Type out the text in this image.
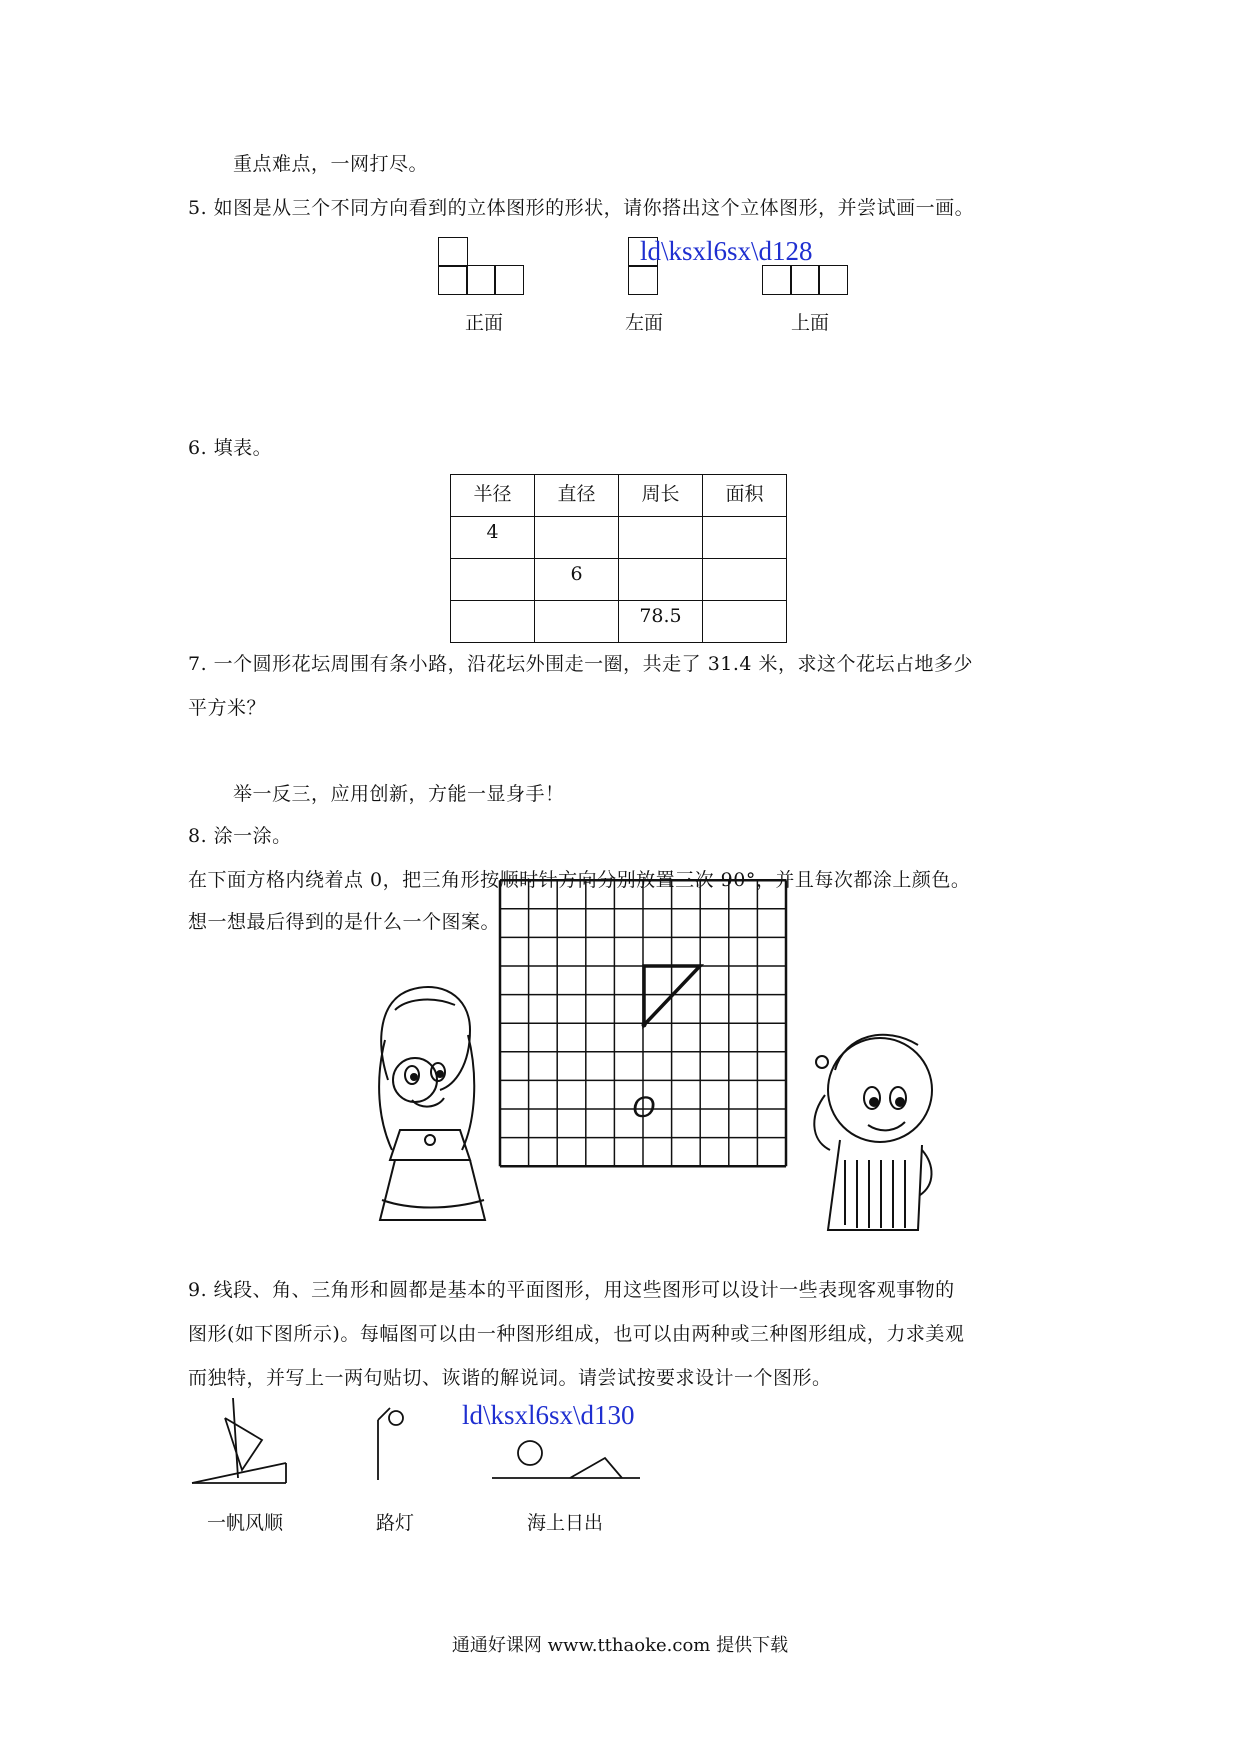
重点难点，一网打尽。
5. 如图是从三个不同方向看到的立体图形的形状，请你搭出这个立体图形，并尝试画一画。
正面	左面	上面
ld\ksxl6sx\d128
6. 填表。
半径	直径	周长	面积
4			
	6		
		78.5	
7. 一个圆形花坛周围有条小路，沿花坛外围走一圈，共走了 31.4 米，求这个花坛占地多少
平方米？
举一反三，应用创新，方能一显身手！
8. 涂一涂。
在下面方格内绕着点 0，把三角形按顺时针方向分别放置三次 90°，并且每次都涂上颜色。
想一想最后得到的是什么一个图案。
O
9. 线段、角、三角形和圆都是基本的平面图形，用这些图形可以设计一些表现客观事物的
图形(如下图所示)。每幅图可以由一种图形组成，也可以由两种或三种图形组成，力求美观
而独特，并写上一两句贴切、诙谐的解说词。请尝试按要求设计一个图形。
ld\ksxl6sx\d130
一帆风顺	路灯	海上日出
通通好课网 www.tthaoke.com 提供下载
